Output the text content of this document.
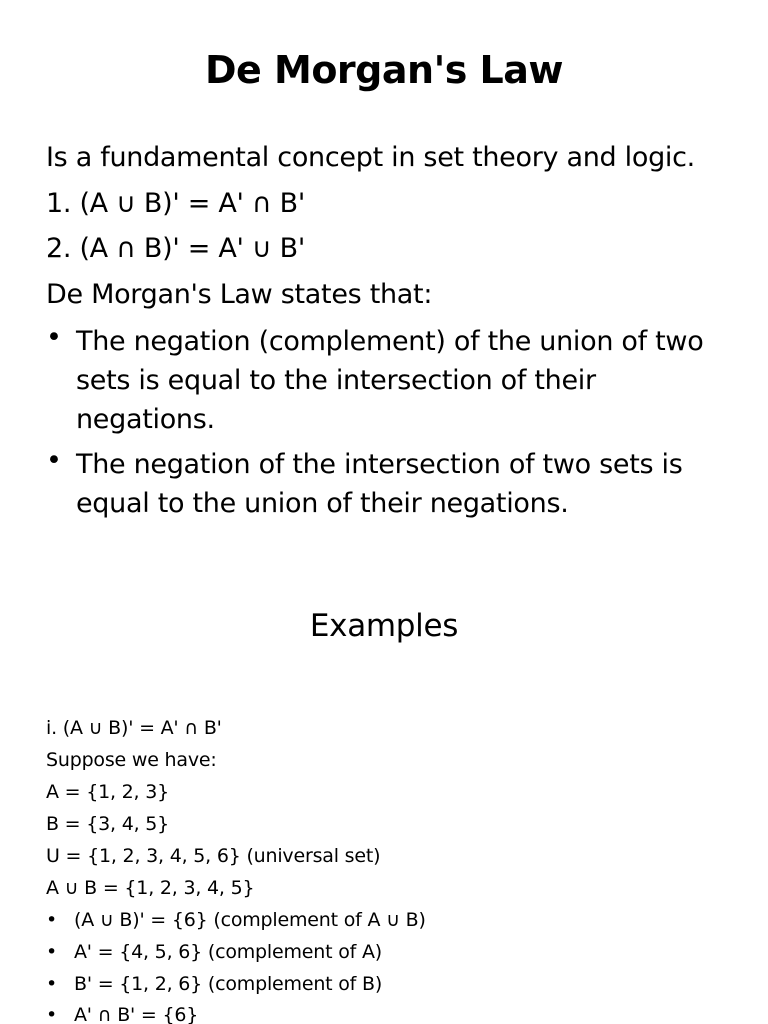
De Morgan's Law
Is a fundamental concept in set theory and logic.
1. (A ∪ B)' = A' ∩ B'
2. (A ∩ B)' = A' ∪ B'
De Morgan's Law states that:
• The negation (complement) of the union of two sets is equal to the intersection of their negations.
• The negation of the intersection of two sets is equal to the union of their negations.
Examples
i. (A ∪ B)' = A' ∩ B'
Suppose we have:
A = {1, 2, 3}
B = {3, 4, 5}
U = {1, 2, 3, 4, 5, 6} (universal set)
A ∪ B = {1, 2, 3, 4, 5}
• (A ∪ B)' = {6} (complement of A ∪ B)
• A' = {4, 5, 6} (complement of A)
• B' = {1, 2, 6} (complement of B)
• A' ∩ B' = {6}
